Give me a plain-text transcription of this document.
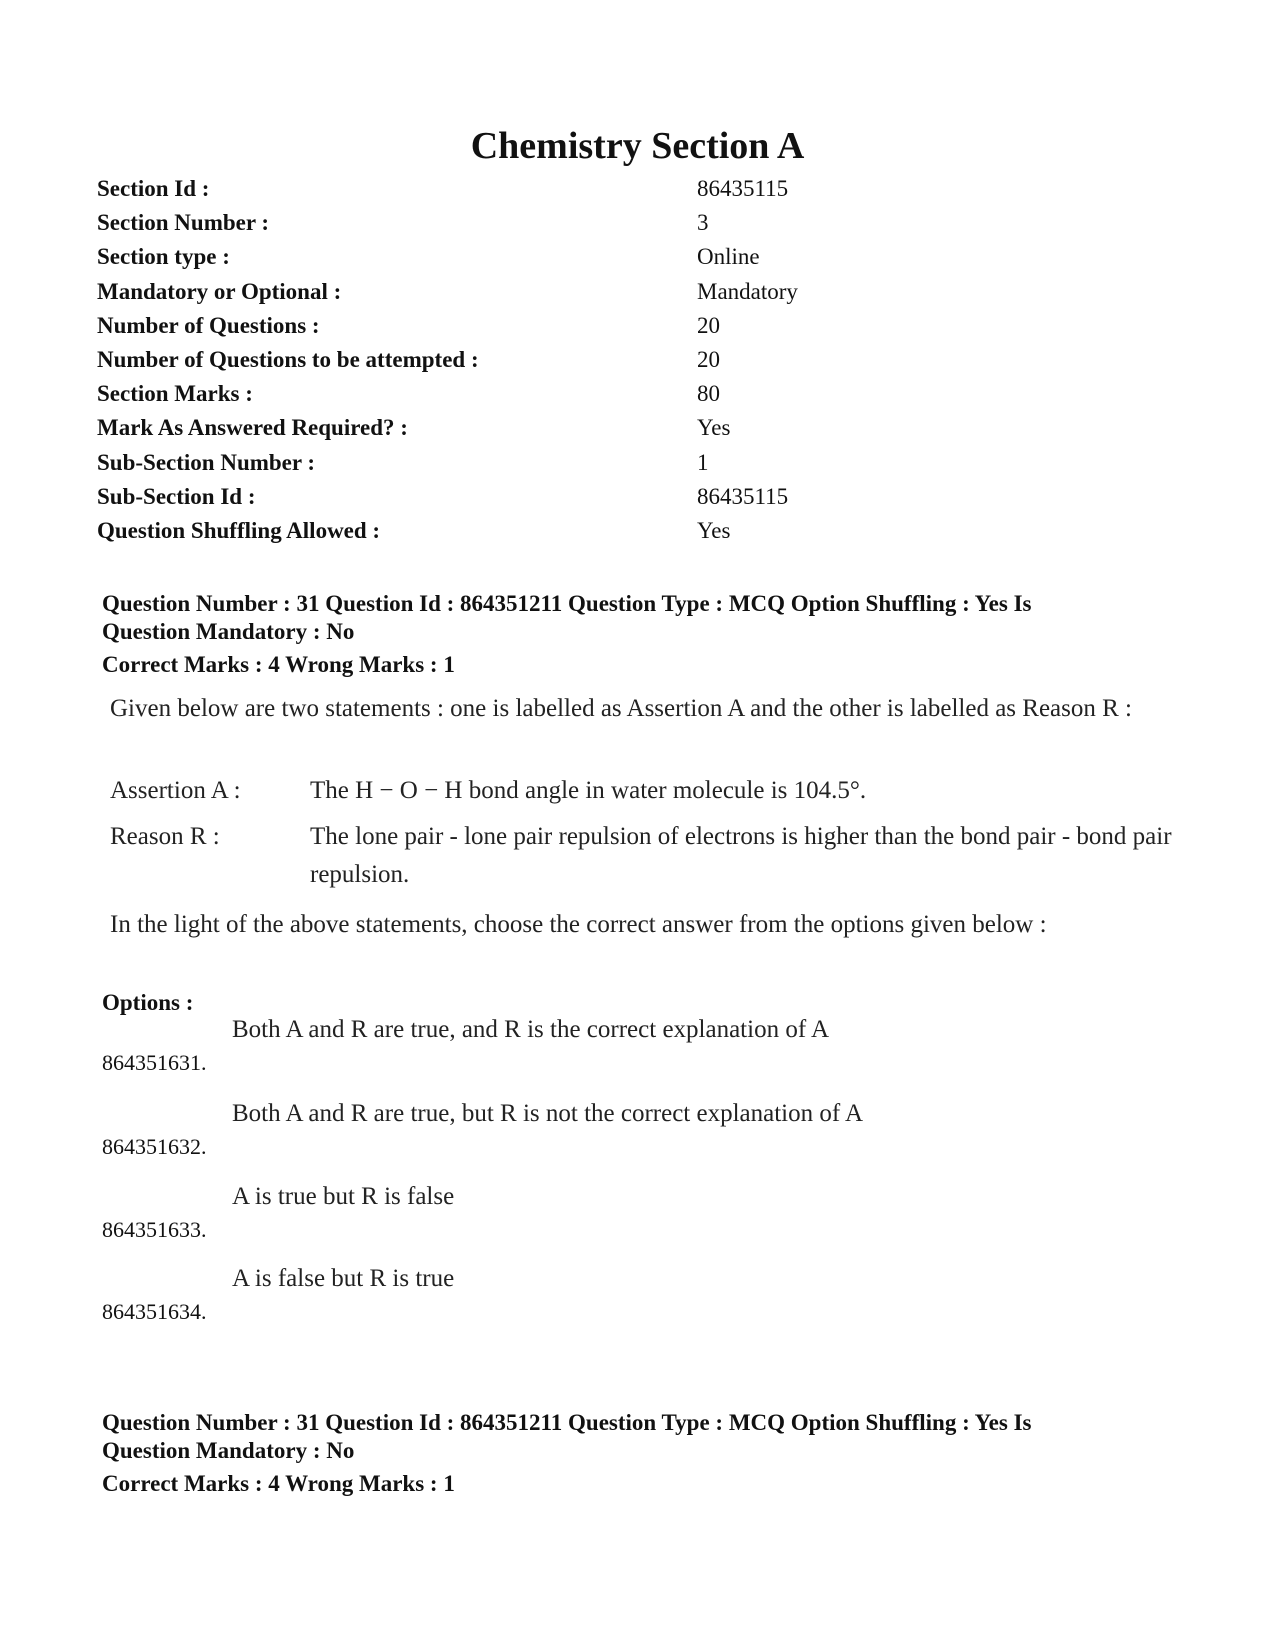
Chemistry Section A
Section Id :	86435115
Section Number :	3
Section type :	Online
Mandatory or Optional :	Mandatory
Number of Questions :	20
Number of Questions to be attempted :	20
Section Marks :	80
Mark As Answered Required? :	Yes
Sub-Section Number :	1
Sub-Section Id :	86435115
Question Shuffling Allowed :	Yes
Question Number : 31 Question Id : 864351211 Question Type : MCQ Option Shuffling : Yes Is
Question Mandatory : No
Correct Marks : 4 Wrong Marks : 1
Given below are two statements : one is labelled as Assertion A and the other is labelled as Reason R :
Assertion A :	The H − O − H bond angle in water molecule is 104.5°.
Reason R :	The lone pair - lone pair repulsion of electrons is higher than the bond pair - bond pair repulsion.
In the light of the above statements, choose the correct answer from the options given below :
Options :
864351631.
Both A and R are true, and R is the correct explanation of A
864351632.
Both A and R are true, but R is not the correct explanation of A
864351633.
A is true but R is false
864351634.
A is false but R is true
Question Number : 31 Question Id : 864351211 Question Type : MCQ Option Shuffling : Yes Is
Question Mandatory : No
Correct Marks : 4 Wrong Marks : 1
